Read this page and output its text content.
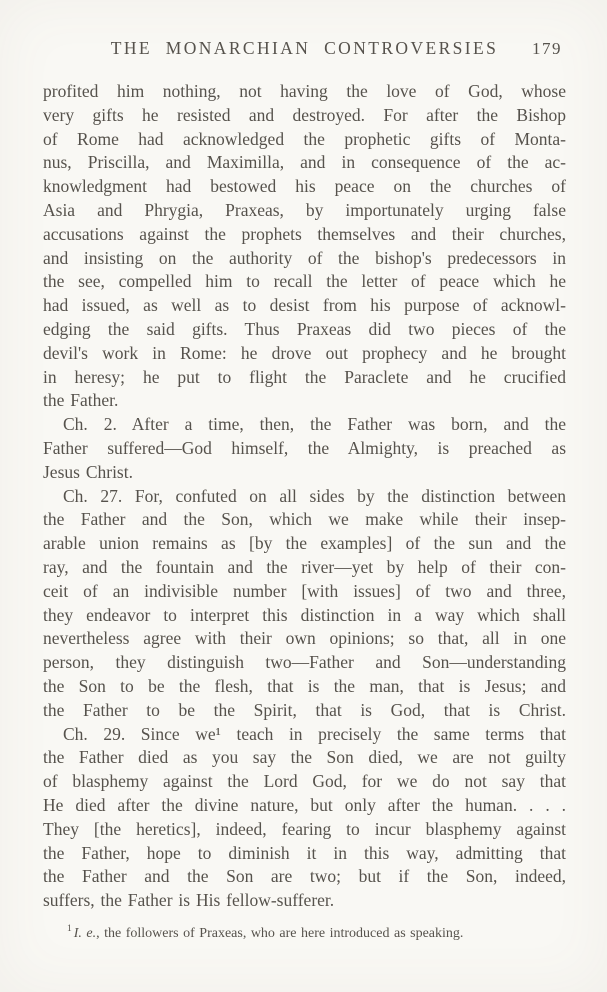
THE MONARCHIAN CONTROVERSIES	179
profited him nothing, not having the love of God, whose
very gifts he resisted and destroyed. For after the Bishop
of Rome had acknowledged the prophetic gifts of Monta-
nus, Priscilla, and Maximilla, and in consequence of the ac-
knowledgment had bestowed his peace on the churches of
Asia and Phrygia, Praxeas, by importunately urging false
accusations against the prophets themselves and their churches,
and insisting on the authority of the bishop's predecessors in
the see, compelled him to recall the letter of peace which he
had issued, as well as to desist from his purpose of acknowl-
edging the said gifts. Thus Praxeas did two pieces of the
devil's work in Rome: he drove out prophecy and he brought
in heresy; he put to flight the Paraclete and he crucified
the Father.
Ch. 2. After a time, then, the Father was born, and the
Father suffered—God himself, the Almighty, is preached as
Jesus Christ.
Ch. 27. For, confuted on all sides by the distinction between
the Father and the Son, which we make while their insep-
arable union remains as [by the examples] of the sun and the
ray, and the fountain and the river—yet by help of their con-
ceit of an indivisible number [with issues] of two and three,
they endeavor to interpret this distinction in a way which shall
nevertheless agree with their own opinions; so that, all in one
person, they distinguish two—Father and Son—understanding
the Son to be the flesh, that is the man, that is Jesus; and
the Father to be the Spirit, that is God, that is Christ.
Ch. 29. Since we¹ teach in precisely the same terms that
the Father died as you say the Son died, we are not guilty
of blasphemy against the Lord God, for we do not say that
He died after the divine nature, but only after the human. . . .
They [the heretics], indeed, fearing to incur blasphemy against
the Father, hope to diminish it in this way, admitting that
the Father and the Son are two; but if the Son, indeed,
suffers, the Father is His fellow-sufferer.
$^1$ I. e., the followers of Praxeas, who are here introduced as speaking.
